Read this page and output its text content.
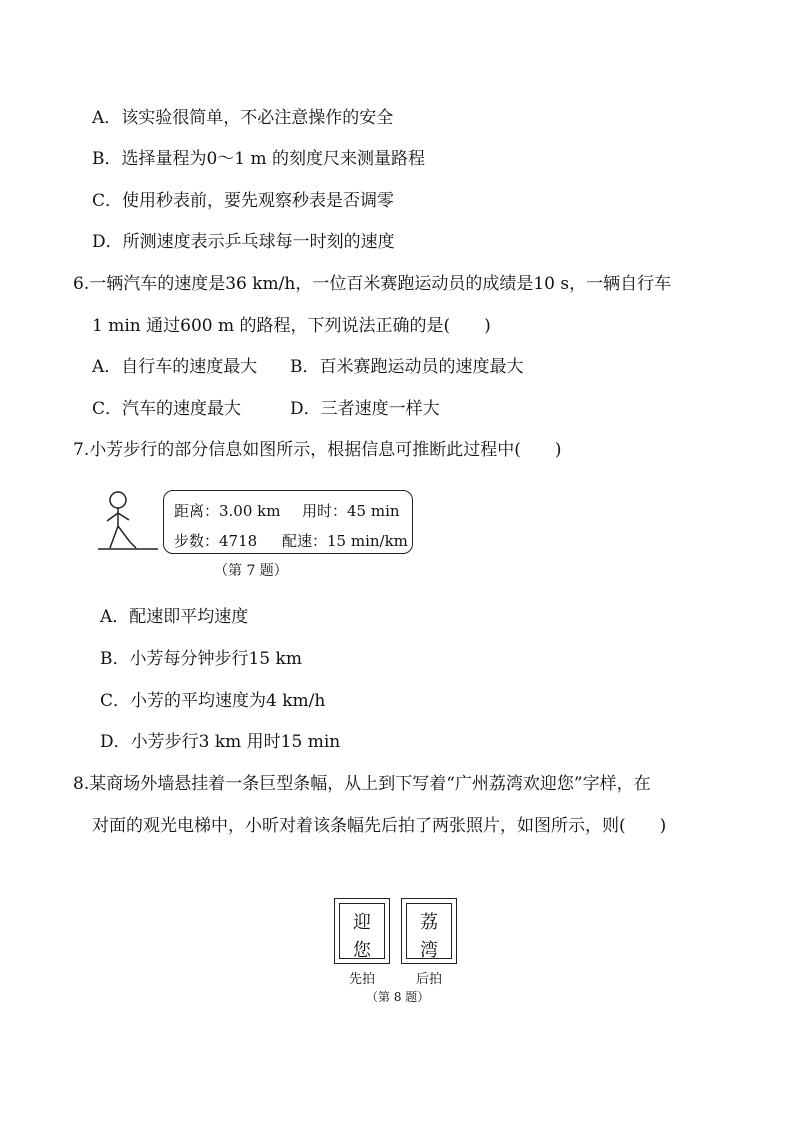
A．该实验很简单，不必注意操作的安全
B．选择量程为0～1 m 的刻度尺来测量路程
C．使用秒表前，要先观察秒表是否调零
D．所测速度表示乒乓球每一时刻的速度
6.一辆汽车的速度是36 km/h，一位百米赛跑运动员的成绩是10 s，一辆自行车
1 min 通过600 m 的路程，下列说法正确的是(　　)
A．自行车的速度最大 B．百米赛跑运动员的速度最大
C．汽车的速度最大	D．三者速度一样大
7.小芳步行的部分信息如图所示，根据信息可推断此过程中(　　)
距离：3.00 km 用时：45 min
步数：4718 配速：15 min/km
（第 7 题）
A．配速即平均速度
B．小芳每分钟步行15 km
C．小芳的平均速度为4 km/h
D．小芳步行3 km 用时15 min
8.某商场外墙悬挂着一条巨型条幅，从上到下写着“广州荔湾欢迎您”字样，在
对面的观光电梯中，小昕对着该条幅先后拍了两张照片，如图所示，则(　　)
迎
您
荔
湾
先拍	后拍
（第 8 题）
